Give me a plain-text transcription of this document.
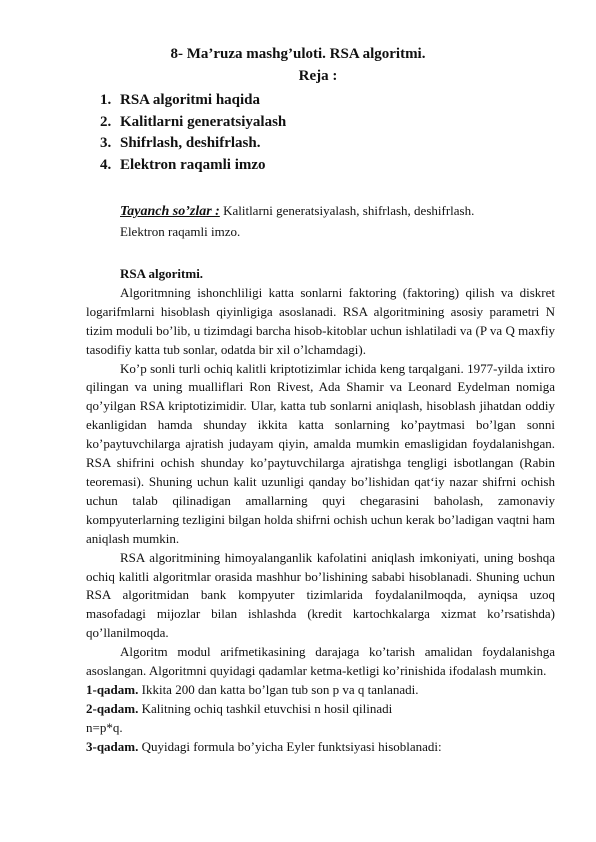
8- Ma’ruza mashg’uloti. RSA algoritmi.
Reja :
1. RSA algoritmi haqida
2. Kalitlarni generatsiyalash
3. Shifrlash, deshifrlash.
4. Elektron raqamli imzo
Tayanch so’zlar : Kalitlarni generatsiyalash, shifrlash, deshifrlash. Elektron raqamli imzo.

RSA algoritmi.

Algoritmning ishonchliligi katta sonlarni faktoring (faktoring) qilish va diskret logarifmlarni hisoblash qiyinligiga asoslanadi. RSA algoritmining asosiy parametri N tizim moduli bo’lib, u tizimdagi barcha hisob-kitoblar uchun ishlatiladi va (P va Q maxfiy tasodifiy katta tub sonlar, odatda bir xil o’lchamdagi).

Ko’p sonli turli ochiq kalitli kriptotizimlar ichida keng tarqalgani. 1977-yilda ixtiro qilingan va uning mualliflari Ron Rivest, Ada Shamir va Leonard Eydelman nomiga qo’yilgan RSA kriptotizimidir. Ular, katta tub sonlarni aniqlash, hisoblash jihatdan oddiy ekanligidan hamda shunday ikkita katta sonlarning ko’paytmasi bo’lgan sonni ko’paytuvchilarga ajratish judayam qiyin, amalda mumkin emasligidan foydalanishgan. RSA shifrini ochish shunday ko’paytuvchilarga ajratishga tengligi isbotlangan (Rabin teoremasi). Shuning uchun kalit uzunligi qanday bo’lishidan qat‘iy nazar shifrni ochish uchun talab qilinadigan amallarning quyi chegarasini baholash, zamonaviy kompyuterlarning tezligini bilgan holda shifrni ochish uchun kerak bo’ladigan vaqtni ham aniqlash mumkin.

RSA algoritmining himoyalanganlik kafolatini aniqlash imkoniyati, uning boshqa ochiq kalitli algoritmlar orasida mashhur bo’lishining sababi hisoblanadi. Shuning uchun RSA algoritmidan bank kompyuter tizimlarida foydalanilmoqda, ayniqsa uzoq masofadagi mijozlar bilan ishlashda (kredit kartochkalarga xizmat ko’rsatishda) qo’llanilmoqda.

Algoritm modul arifmetikasining darajaga ko’tarish amalidan foydalanishga asoslangan. Algoritmni quyidagi qadamlar ketma-ketligi ko’rinishida ifodalash mumkin.

1-qadam. Ikkita 200 dan katta bo’lgan tub son p va q tanlanadi.

2-qadam. Kalitning ochiq tashkil etuvchisi n hosil qilinadi

n=p*q.

3-qadam. Quyidagi formula bo’yicha Eyler funktsiyasi hisoblanadi:
